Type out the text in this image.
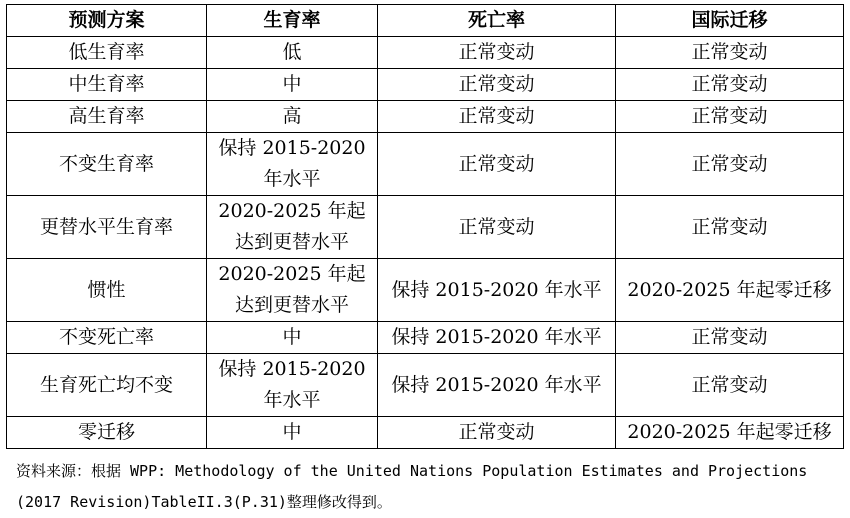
预测方案	生育率	死亡率	国际迁移
低生育率	低	正常变动	正常变动
中生育率	中	正常变动	正常变动
高生育率	高	正常变动	正常变动
不变生育率	保持 2015-2020 年水平	正常变动	正常变动
更替水平生育率	2020-2025 年起达到更替水平	正常变动	正常变动
惯性	2020-2025 年起达到更替水平	保持 2015-2020 年水平	2020-2025 年起零迁移
不变死亡率	中	保持 2015-2020 年水平	正常变动
生育死亡均不变	保持 2015-2020 年水平	保持 2015-2020 年水平	正常变动
零迁移	中	正常变动	2020-2025 年起零迁移
资料来源：根据 WPP: Methodology of the United Nations Population Estimates and Projections (2017 Revision)TableII.3(P.31)整理修改得到。
